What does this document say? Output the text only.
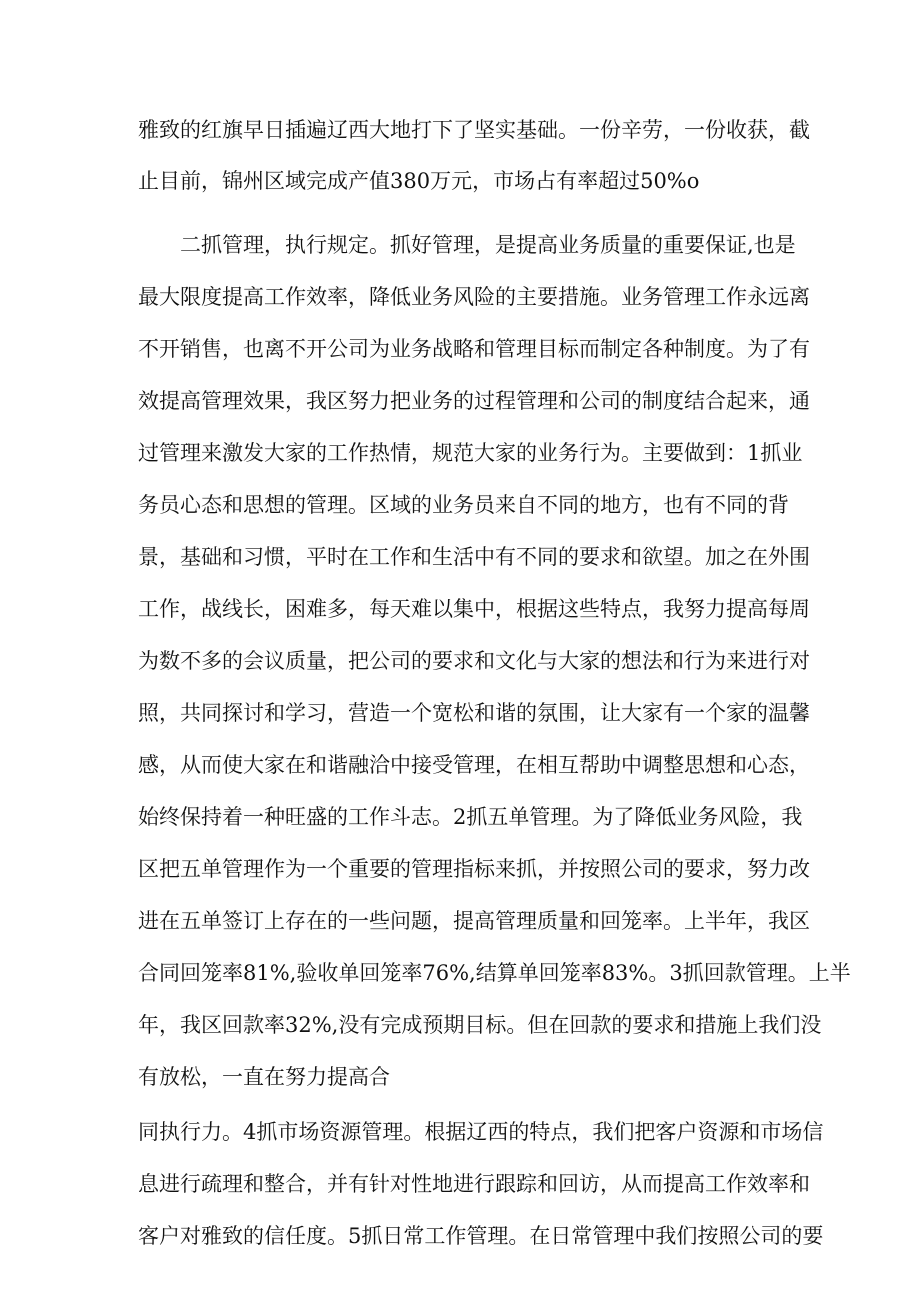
雅致的红旗早日插遍辽西大地打下了坚实基础。一份辛劳，一份收获，截
止目前，锦州区域完成产值380万元，市场占有率超过50%o
二抓管理，执行规定。抓好管理，是提高业务质量的重要保证,也是
最大限度提高工作效率，降低业务风险的主要措施。业务管理工作永远离
不开销售，也离不开公司为业务战略和管理目标而制定各种制度。为了有
效提高管理效果，我区努力把业务的过程管理和公司的制度结合起来，通
过管理来激发大家的工作热情，规范大家的业务行为。主要做到：1抓业
务员心态和思想的管理。区域的业务员来自不同的地方，也有不同的背
景，基础和习惯，平时在工作和生活中有不同的要求和欲望。加之在外围
工作，战线长，困难多，每天难以集中，根据这些特点，我努力提高每周
为数不多的会议质量，把公司的要求和文化与大家的想法和行为来进行对
照，共同探讨和学习，营造一个宽松和谐的氛围，让大家有一个家的温馨
感，从而使大家在和谐融洽中接受管理，在相互帮助中调整思想和心态，
始终保持着一种旺盛的工作斗志。2抓五单管理。为了降低业务风险，我
区把五单管理作为一个重要的管理指标来抓，并按照公司的要求，努力改
进在五单签订上存在的一些问题，提高管理质量和回笼率。上半年，我区
合同回笼率81%,验收单回笼率76%,结算单回笼率83%。3抓回款管理。上半
年，我区回款率32%,没有完成预期目标。但在回款的要求和措施上我们没
有放松，一直在努力提高合
同执行力。4抓市场资源管理。根据辽西的特点，我们把客户资源和市场信
息进行疏理和整合，并有针对性地进行跟踪和回访，从而提高工作效率和
客户对雅致的信任度。5抓日常工作管理。在日常管理中我们按照公司的要
